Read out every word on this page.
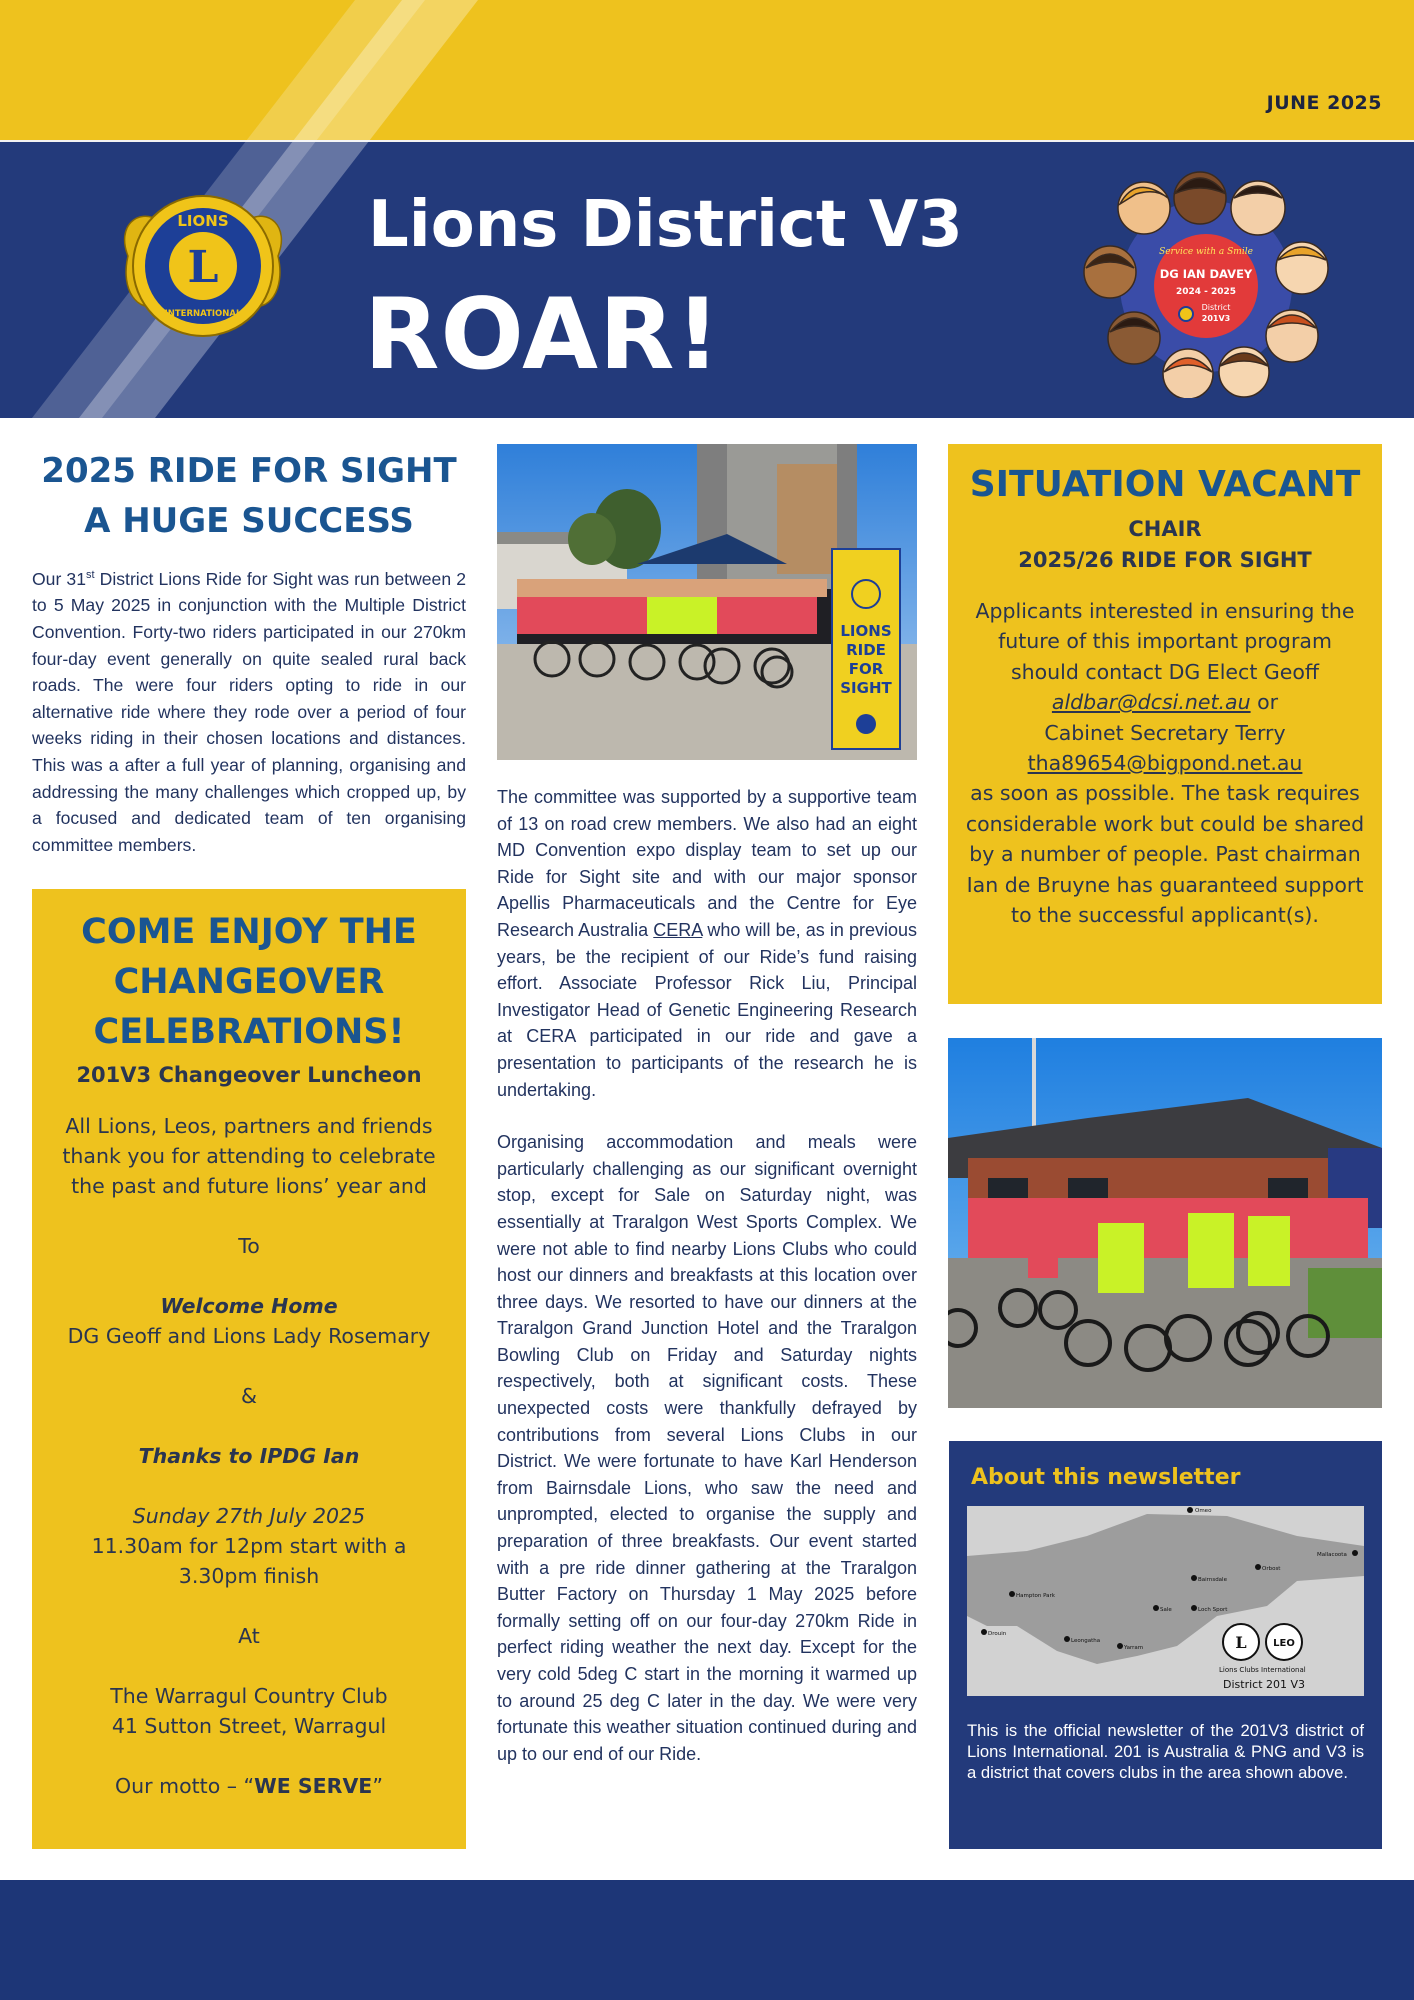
JUNE 2025
L
LIONS
INTERNATIONAL
Lions District V3
ROAR!
Service with a Smile
DG IAN DAVEY
2024 - 2025
District
201V3
2025 RIDE FOR SIGHT
A HUGE SUCCESS

Our 31st District Lions Ride for Sight was run between 2 to 5 May 2025 in conjunction with the Multiple District Convention. Forty-two riders participated in our 270km four-day event generally on quite sealed rural back roads. The were four riders opting to ride in our alternative ride where they rode over a period of four weeks riding in their chosen locations and distances. This was a after a full year of planning, organising and addressing the many challenges which cropped up, by a focused and dedicated team of ten organising committee members.

COME ENJOY THE
CHANGEOVER
CELEBRATIONS!
201V3 Changeover Luncheon
All Lions, Leos, partners and friends thank you for attending to celebrate the past and future lions’ year and
To
Welcome Home
DG Geoff and Lions Lady Rosemary
&
Thanks to IPDG Ian
Sunday 27th July 2025
11.30am for 12pm start with a 3.30pm finish
At
The Warragul Country Club
41 Sutton Street, Warragul
Our motto – “WE SERVE”
LIONS
RIDE
FOR
SIGHT

The committee was supported by a supportive team of 13 on road crew members. We also had an eight MD Convention expo display team to set up our Ride for Sight site and with our major sponsor Apellis Pharmaceuticals and the Centre for Eye Research Australia CERA who will be, as in previous years, be the recipient of our Ride’s fund raising effort. Associate Professor Rick Liu, Principal Investigator Head of Genetic Engineering Research at CERA participated in our ride and gave a presentation to participants of the research he is undertaking.

Organising accommodation and meals were particularly challenging as our significant overnight stop, except for Sale on Saturday night, was essentially at Traralgon West Sports Complex. We were not able to find nearby Lions Clubs who could host our dinners and breakfasts at this location over three days. We resorted to have our dinners at the Traralgon Grand Junction Hotel and the Traralgon Bowling Club on Friday and Saturday nights respectively, both at significant costs. These unexpected costs were thankfully defrayed by contributions from several Lions Clubs in our District. We were fortunate to have Karl Henderson from Bairnsdale Lions, who saw the need and unprompted, elected to organise the supply and preparation of three breakfasts. Our event started with a pre ride dinner gathering at the Traralgon Butter Factory on Thursday 1 May 2025 before formally setting off on our four-day 270km Ride in perfect riding weather the next day. Except for the very cold 5deg C start in the morning it warmed up to around 25 deg C later in the day. We were very fortunate this weather situation continued during and up to our end of our Ride.

SITUATION VACANT
CHAIR
2025/26 RIDE FOR SIGHT
Applicants interested in ensuring the future of this important program should contact DG Elect Geoff
aldbar@dcsi.net.au or
Cabinet Secretary Terry
tha89654@bigpond.net.au
as soon as possible. The task requires considerable work but could be shared by a number of people. Past chairman Ian de Bruyne has guaranteed support to the successful applicant(s).
About this newsletter
Omeo
Mallacoota
Orbost
Bairnsdale
Hampton Park
Sale	Loch Sport
Drouin
Leongatha
Yarram	L	LEO
Lions Clubs International
District 201 V3

This is the official newsletter of the 201V3 district of Lions International. 201 is Australia & PNG and V3 is a district that covers clubs in the area shown above.
